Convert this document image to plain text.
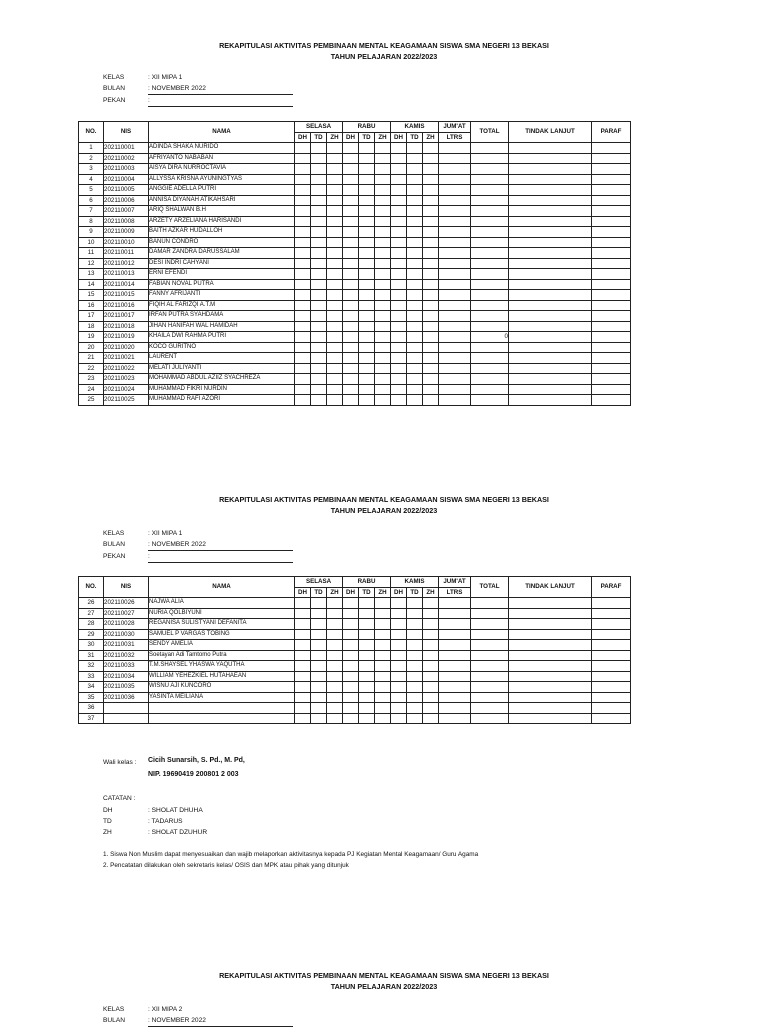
REKAPITULASI AKTIVITAS PEMBINAAN MENTAL KEAGAMAAN SISWA SMA NEGERI 13 BEKASI
TAHUN PELAJARAN 2022/2023
KELAS	: XII MIPA 1
BULAN	: NOVEMBER 2022
PEKAN	:
NO.	NIS	NAMA	SELASA			RABU			KAMIS			JUM'AT	TOTAL	TINDAK LANJUT	PARAF
			DH	TD	ZH	DH	TD	ZH	DH	TD	ZH	LTRS			
1	202110001	ADINDA SHAKA NURIDO													
2	202110002	AFRIYANTO NABABAN													
3	202110003	AISYA DIRA NURROCTAVIA													
4	202110004	ALLYSSA KRISNA AYUNINGTYAS													
5	202110005	ANGGIE ADELLA PUTRI													
6	202110006	ANNISA DIYANAH ATIKAHSARI													
7	202110007	ARIQ SHALWAN B.H													
8	202110008	ARZETY ARZELIANA HARISANDI													
9	202110009	BAITH AZKAR HUDALLOH													
10	202110010	BANUN CONDRO													
11	202110011	DAMAR ZANDRA DARUSSALAM													
12	202110012	DESI INDRI CAHYANI													
13	202110013	ERNI EFENDI													
14	202110014	FABIAN NOVAL PUTRA													
15	202110015	FANNY AFRIJANTI													
16	202110016	FIQIH AL FARIZQI A.T.M													
17	202110017	IRFAN PUTRA SYAHDAMA													
18	202110018	JIHAN HANIFAH WAL HAMIDAH													
19	202110019	KHAILA DWI RAHMA PUTRI											0		
20	202110020	KOCO GURITNO													
21	202110021	LAURENT													
22	202110022	MELATI JULIYANTI													
23	202110023	MOHAMMAD ABDUL AZIIZ SYACHREZA													
24	202110024	MUHAMMAD FIKRI NURDIN													
25	202110025	MUHAMMAD RAFI AZORI													
REKAPITULASI AKTIVITAS PEMBINAAN MENTAL KEAGAMAAN SISWA SMA NEGERI 13 BEKASI
TAHUN PELAJARAN 2022/2023
KELAS	: XII MIPA 1
BULAN	: NOVEMBER 2022
PEKAN	:
NO.	NIS	NAMA	SELASA			RABU			KAMIS			JUM'AT	TOTAL	TINDAK LANJUT	PARAF
			DH	TD	ZH	DH	TD	ZH	DH	TD	ZH	LTRS			
26	202110026	NAJWA ALIA													
27	202110027	NURIA QOLBIYUNI													
28	202110028	REGANISA SULISTYANI DEFANITA													
29	202110030	SAMUEL P VARGAS TOBING													
30	202110031	SENDY AMELIA													
31	202110032	Soetayan Adi Tamtomo Putra													
32	202110033	T.M.SHAYSEL YHASWA YAQUTHA													
33	202110034	WILLIAM YEHEZKIEL HUTAHAEAN													
34	202110035	WISNU AJI KUNCORO													
35	202110036	YASINTA MEILIANA													
36															
37															
Wali kelas : Cicih Sunarsih, S. Pd., M. Pd,
NIP. 19690419 200801 2 003
CATATAN :
DH	: SHOLAT DHUHA
TD	: TADARUS
ZH	: SHOLAT DZUHUR
1. Siswa Non Muslim dapat menyesuaikan dan wajib melaporkan aktivitasnya kepada PJ Kegiatan Mental Keagamaan/ Guru Agama
2. Pencatatan dilakukan oleh sekretaris kelas/ OSIS dan MPK atau pihak yang ditunjuk
REKAPITULASI AKTIVITAS PEMBINAAN MENTAL KEAGAMAAN SISWA SMA NEGERI 13 BEKASI
TAHUN PELAJARAN 2022/2023
KELAS	: XII MIPA 2
BULAN	: NOVEMBER 2022
